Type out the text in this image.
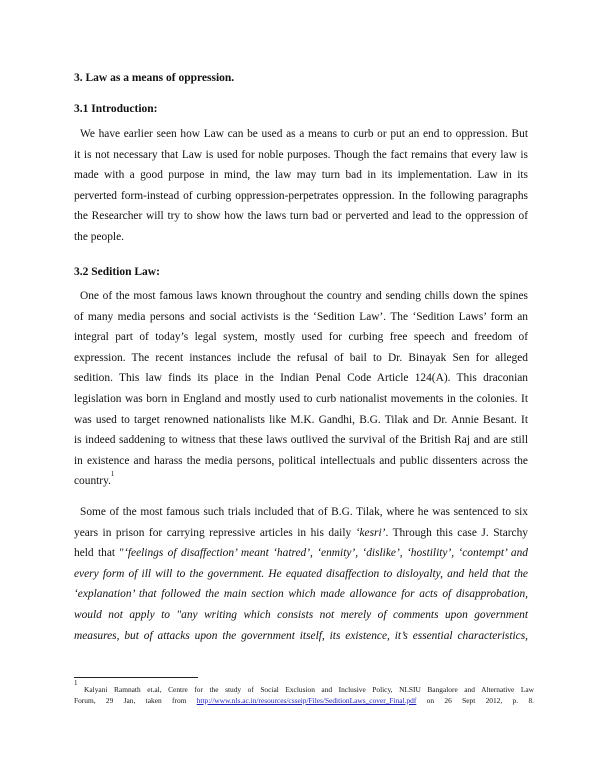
3. Law as a means of oppression.
3.1 Introduction:
We have earlier seen how Law can be used as a means to curb or put an end to oppression. But
it is not necessary that Law is used for noble purposes. Though the fact remains that every law is
made with a good purpose in mind, the law may turn bad in its implementation. Law in its
perverted form-instead of curbing oppression-perpetrates oppression. In the following paragraphs
the Researcher will try to show how the laws turn bad or perverted and lead to the oppression of
the people.
3.2 Sedition Law:
One of the most famous laws known throughout the country and sending chills down the spines
of many media persons and social activists is the ‘Sedition Law’. The ‘Sedition Laws’ form an
integral part of today’s legal system, mostly used for curbing free speech and freedom of
expression. The recent instances include the refusal of bail to Dr. Binayak Sen for alleged
sedition. This law finds its place in the Indian Penal Code Article 124(A). This draconian
legislation was born in England and mostly used to curb nationalist movements in the colonies. It
was used to target renowned nationalists like M.K. Gandhi, B.G. Tilak and Dr. Annie Besant. It
is indeed saddening to witness that these laws outlived the survival of the British Raj and are still
in existence and harass the media persons, political intellectuals and public dissenters across the
country.$^1$
Some of the most famous such trials included that of B.G. Tilak, where he was sentenced to six
years in prison for carrying repressive articles in his daily ‘kesri’. Through this case J. Starchy
held that "‘feelings of disaffection’ meant ‘hatred’, ‘enmity’, ‘dislike’, ‘hostility’, ‘contempt’ and
every form of ill will to the government. He equated disaffection to disloyalty, and held that the
‘explanation’ that followed the main section which made allowance for acts of disapprobation,
would not apply to "any writing which consists not merely of comments upon government
measures, but of attacks upon the government itself, its existence, it’s essential characteristics,
$^1$ Kalyani Ramnath et.al, Centre for the study of Social Exclusion and Inclusive Policy, NLSIU Bangalore and Alternative Law
Forum, 29 Jan, taken from http://www.nls.ac.in/resources/csseip/Files/SeditionLaws_cover_Final.pdf on 26 Sept 2012, p. 8.
